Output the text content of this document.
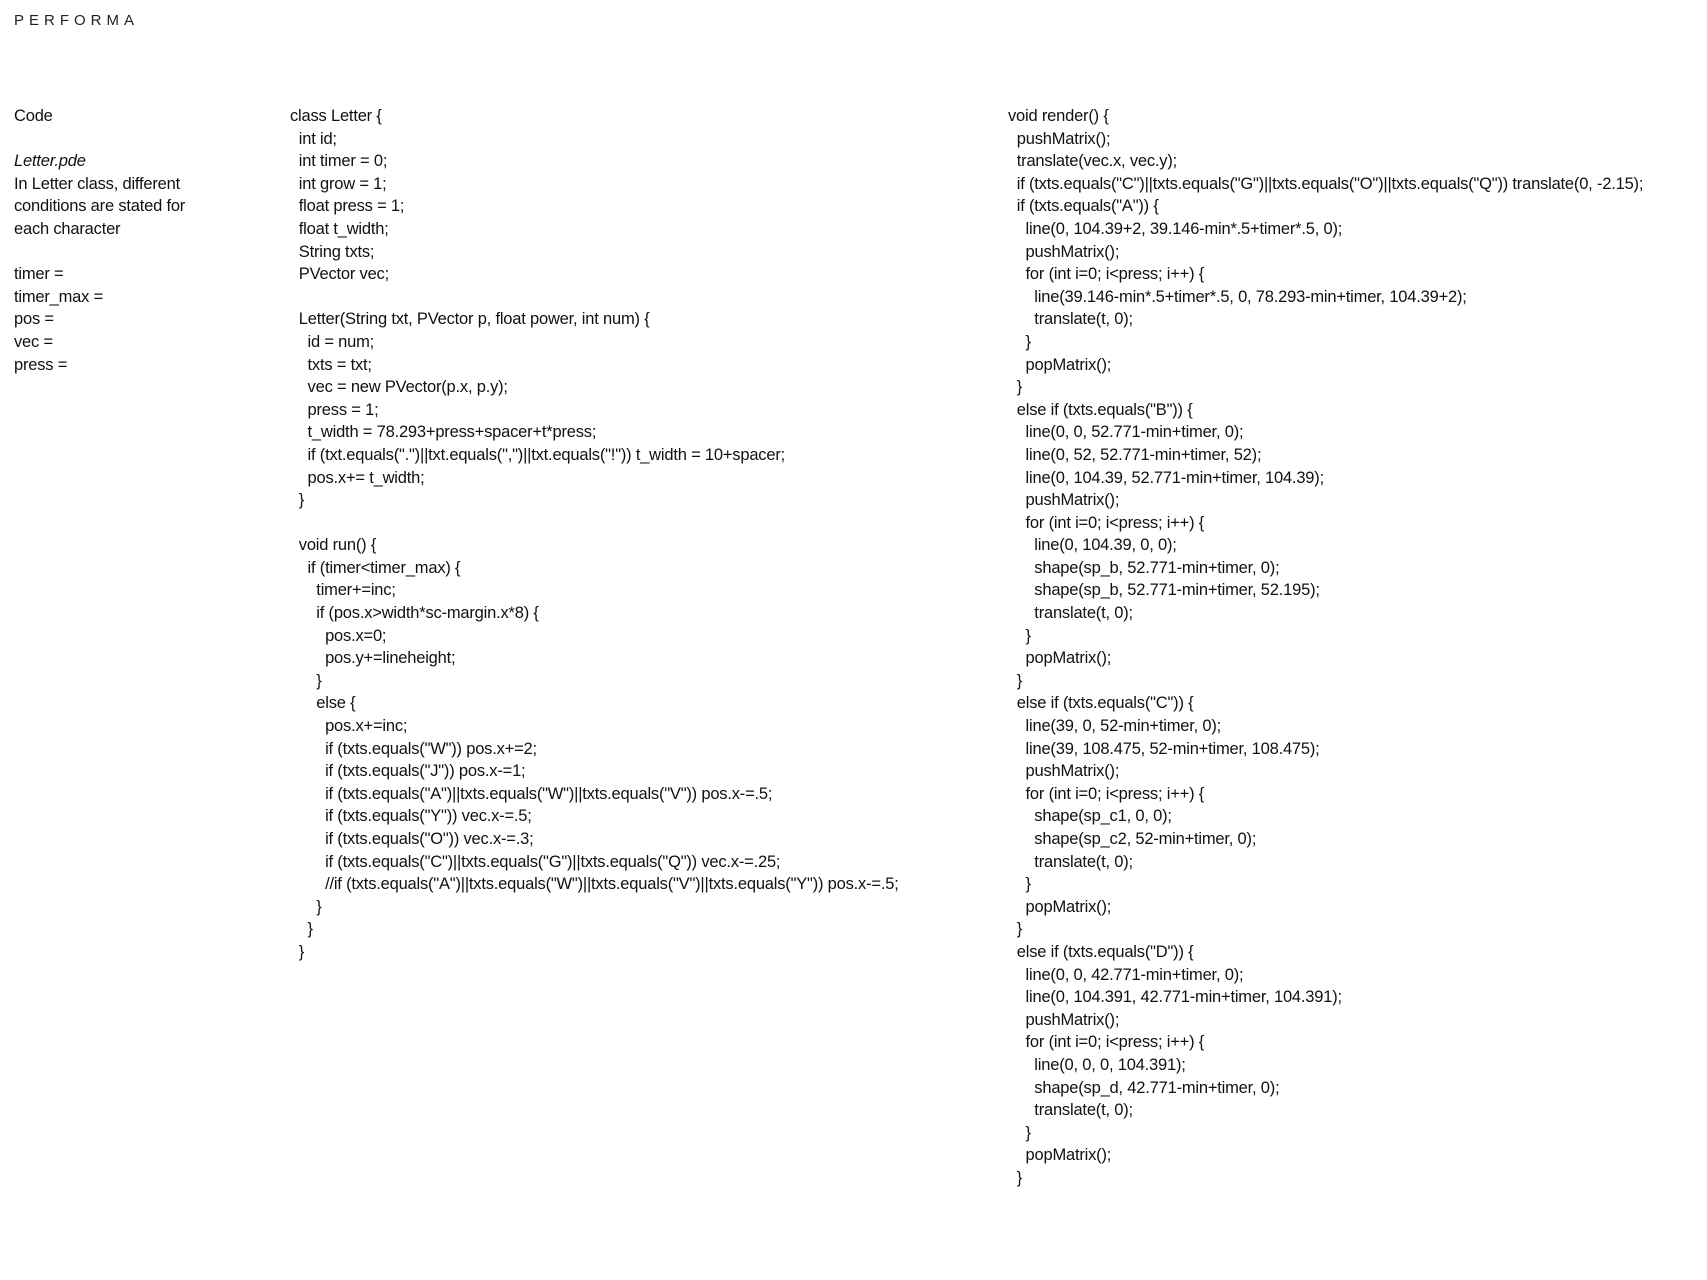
PERFORMA
Code
Letter.pde
In Letter class, different
conditions are stated for
each character
timer =
timer_max =
pos =
vec =
press =
class Letter {
int id;
int timer = 0;
int grow = 1;
float press = 1;
float t_width;
String txts;
PVector vec;
Letter(String txt, PVector p, float power, int num) {
id = num;
txts = txt;
vec = new PVector(p.x, p.y);
press = 1;
t_width = 78.293+press+spacer+t*press;
if (txt.equals(".")||txt.equals(",")||txt.equals("!")) t_width = 10+spacer;
pos.x+= t_width;
}
void run() {
if (timer<timer_max) {
timer+=inc;
if (pos.x>width*sc-margin.x*8) {
pos.x=0;
pos.y+=lineheight;
}
else {
pos.x+=inc;
if (txts.equals("W")) pos.x+=2;
if (txts.equals("J")) pos.x-=1;
if (txts.equals("A")||txts.equals("W")||txts.equals("V")) pos.x-=.5;
if (txts.equals("Y")) vec.x-=.5;
if (txts.equals("O")) vec.x-=.3;
if (txts.equals("C")||txts.equals("G")||txts.equals("Q")) vec.x-=.25;
//if (txts.equals("A")||txts.equals("W")||txts.equals("V")||txts.equals("Y")) pos.x-=.5;
}
}
}
void render() {
pushMatrix();
translate(vec.x, vec.y);
if (txts.equals("C")||txts.equals("G")||txts.equals("O")||txts.equals("Q")) translate(0, -2.15);
if (txts.equals("A")) {
line(0, 104.39+2, 39.146-min*.5+timer*.5, 0);
pushMatrix();
for (int i=0; i<press; i++) {
line(39.146-min*.5+timer*.5, 0, 78.293-min+timer, 104.39+2);
translate(t, 0);
}
popMatrix();
}
else if (txts.equals("B")) {
line(0, 0, 52.771-min+timer, 0);
line(0, 52, 52.771-min+timer, 52);
line(0, 104.39, 52.771-min+timer, 104.39);
pushMatrix();
for (int i=0; i<press; i++) {
line(0, 104.39, 0, 0);
shape(sp_b, 52.771-min+timer, 0);
shape(sp_b, 52.771-min+timer, 52.195);
translate(t, 0);
}
popMatrix();
}
else if (txts.equals("C")) {
line(39, 0, 52-min+timer, 0);
line(39, 108.475, 52-min+timer, 108.475);
pushMatrix();
for (int i=0; i<press; i++) {
shape(sp_c1, 0, 0);
shape(sp_c2, 52-min+timer, 0);
translate(t, 0);
}
popMatrix();
}
else if (txts.equals("D")) {
line(0, 0, 42.771-min+timer, 0);
line(0, 104.391, 42.771-min+timer, 104.391);
pushMatrix();
for (int i=0; i<press; i++) {
line(0, 0, 0, 104.391);
shape(sp_d, 42.771-min+timer, 0);
translate(t, 0);
}
popMatrix();
}
